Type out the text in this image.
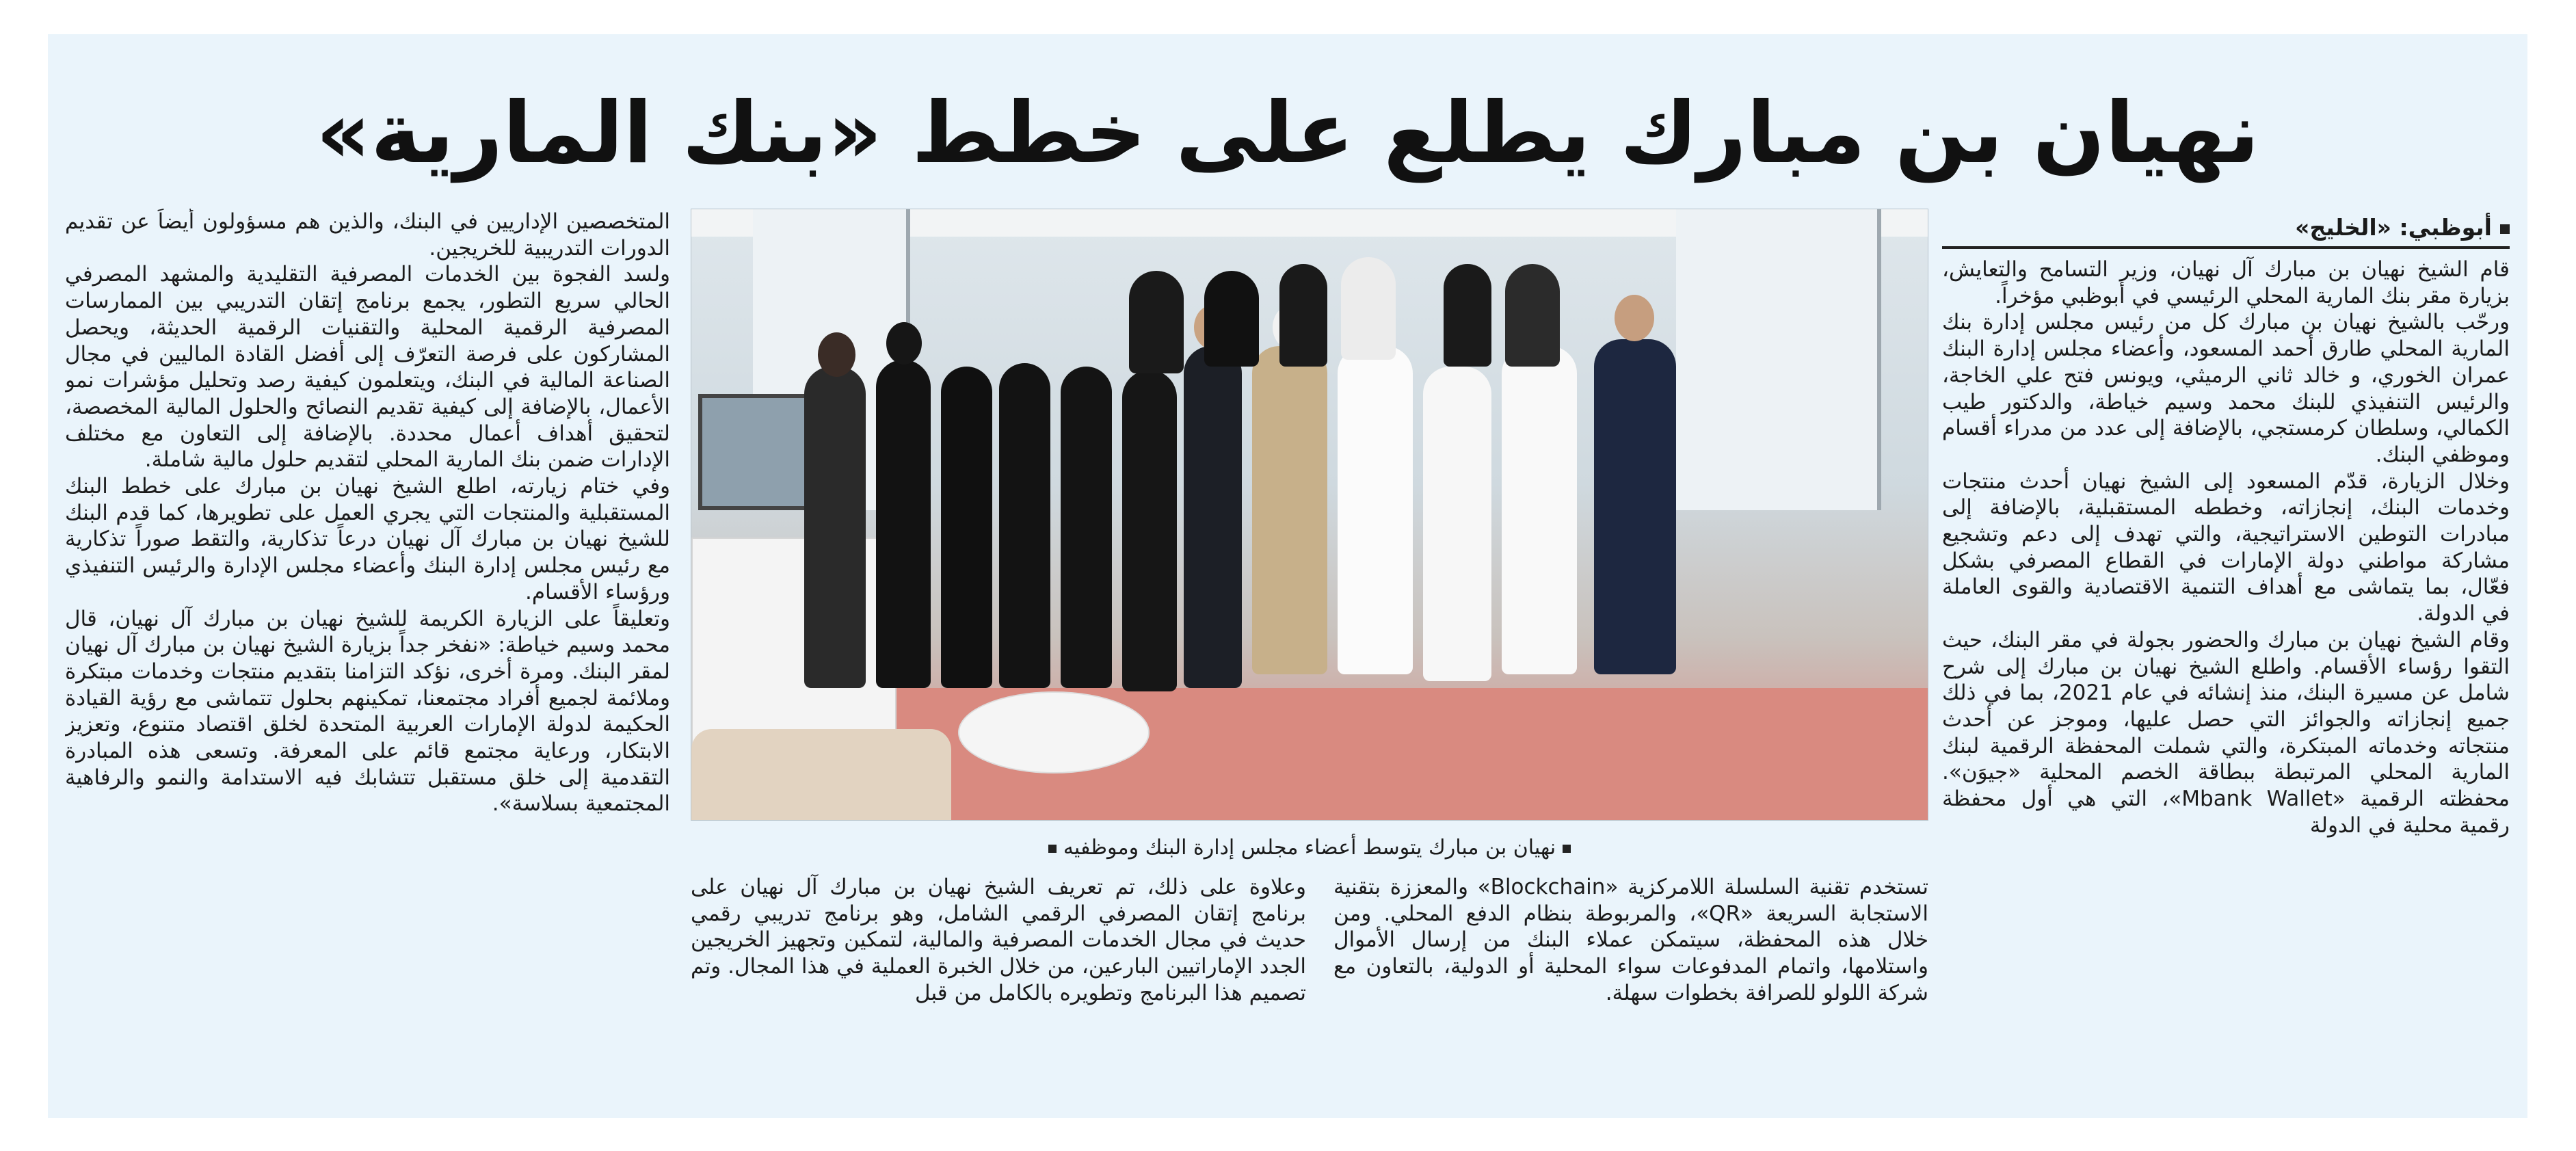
نهيان بن مبارك يطلع على خطط «بنك المارية»
أبوظبي: «الخليج»

قام الشيخ نهيان بن مبارك آل نهيان، وزير التسامح والتعايش، بزيارة مقر بنك المارية المحلي الرئيسي في أبوظبي مؤخراً.

ورحّب بالشيخ نهيان بن مبارك كل من رئيس مجلس إدارة بنك المارية المحلي طارق أحمد المسعود، وأعضاء مجلس إدارة البنك عمران الخوري، و خالد ثاني الرميثي، ويونس فتح علي الخاجة، والرئيس التنفيذي للبنك محمد وسيم خياطة، والدكتور طيب الكمالي، وسلطان كرمستجي، بالإضافة إلى عدد من مدراء أقسام وموظفي البنك.

وخلال الزيارة، قدّم المسعود إلى الشيخ نهيان أحدث منتجات وخدمات البنك، إنجازاته، وخططه المستقبلية، بالإضافة إلى مبادرات التوطين الاستراتيجية، والتي تهدف إلى دعم وتشجيع مشاركة مواطني دولة الإمارات في القطاع المصرفي بشكل فعّال، بما يتماشى مع أهداف التنمية الاقتصادية والقوى العاملة في الدولة.

وقام الشيخ نهيان بن مبارك والحضور بجولة في مقر البنك، حيث التقوا رؤساء الأقسام. واطلع الشيخ نهيان بن مبارك إلى شرح شامل عن مسيرة البنك، منذ إنشائه في عام 2021، بما في ذلك جميع إنجازاته والجوائز التي حصل عليها، وموجز عن أحدث منتجاته وخدماته المبتكرة، والتي شملت المحفظة الرقمية لبنك المارية المحلي المرتبطة ببطاقة الخصم المحلية «جيوَن». محفظته الرقمية «Mbank Wallet»، التي هي أول محفظة رقمية محلية في الدولة

نهيان بن مبارك يتوسط أعضاء مجلس إدارة البنك وموظفيه

تستخدم تقنية السلسلة اللامركزية «Blockchain» والمعززة بتقنية الاستجابة السريعة «QR»، والمربوطة بنظام الدفع المحلي. ومن خلال هذه المحفظة، سيتمكن عملاء البنك من إرسال الأموال واستلامها، واتمام المدفوعات سواء المحلية أو الدولية، بالتعاون مع شركة اللولو للصرافة بخطوات سهلة.

وعلاوة على ذلك، تم تعريف الشيخ نهيان بن مبارك آل نهيان على برنامج إتقان المصرفي الرقمي الشامل، وهو برنامج تدريبي رقمي حديث في مجال الخدمات المصرفية والمالية، لتمكين وتجهيز الخريجين الجدد الإماراتيين البارعين، من خلال الخبرة العملية في هذا المجال. وتم تصميم هذا البرنامج وتطويره بالكامل من قبل

المتخصصين الإداريين في البنك، والذين هم مسؤولون أيضاً عن تقديم الدورات التدريبية للخريجين.

ولسد الفجوة بين الخدمات المصرفية التقليدية والمشهد المصرفي الحالي سريع التطور، يجمع برنامج إتقان التدريبي بين الممارسات المصرفية الرقمية المحلية والتقنيات الرقمية الحديثة، ويحصل المشاركون على فرصة التعرّف إلى أفضل القادة الماليين في مجال الصناعة المالية في البنك، ويتعلمون كيفية رصد وتحليل مؤشرات نمو الأعمال، بالإضافة إلى كيفية تقديم النصائح والحلول المالية المخصصة، لتحقيق أهداف أعمال محددة. بالإضافة إلى التعاون مع مختلف الإدارات ضمن بنك المارية المحلي لتقديم حلول مالية شاملة.

وفي ختام زيارته، اطلع الشيخ نهيان بن مبارك على خطط البنك المستقبلية والمنتجات التي يجري العمل على تطويرها، كما قدم البنك للشيخ نهيان بن مبارك آل نهيان درعاً تذكارية، والتقط صوراً تذكارية مع رئيس مجلس إدارة البنك وأعضاء مجلس الإدارة والرئيس التنفيذي ورؤساء الأقسام.

وتعليقاً على الزيارة الكريمة للشيخ نهيان بن مبارك آل نهيان، قال محمد وسيم خياطة: «نفخر جداً بزيارة الشيخ نهيان بن مبارك آل نهيان لمقر البنك. ومرة أخرى، نؤكد التزامنا بتقديم منتجات وخدمات مبتكرة وملائمة لجميع أفراد مجتمعنا، تمكينهم بحلول تتماشى مع رؤية القيادة الحكيمة لدولة الإمارات العربية المتحدة لخلق اقتصاد متنوع، وتعزيز الابتكار، ورعاية مجتمع قائم على المعرفة. وتسعى هذه المبادرة التقدمية إلى خلق مستقبل تتشابك فيه الاستدامة والنمو والرفاهية المجتمعية بسلاسة».
